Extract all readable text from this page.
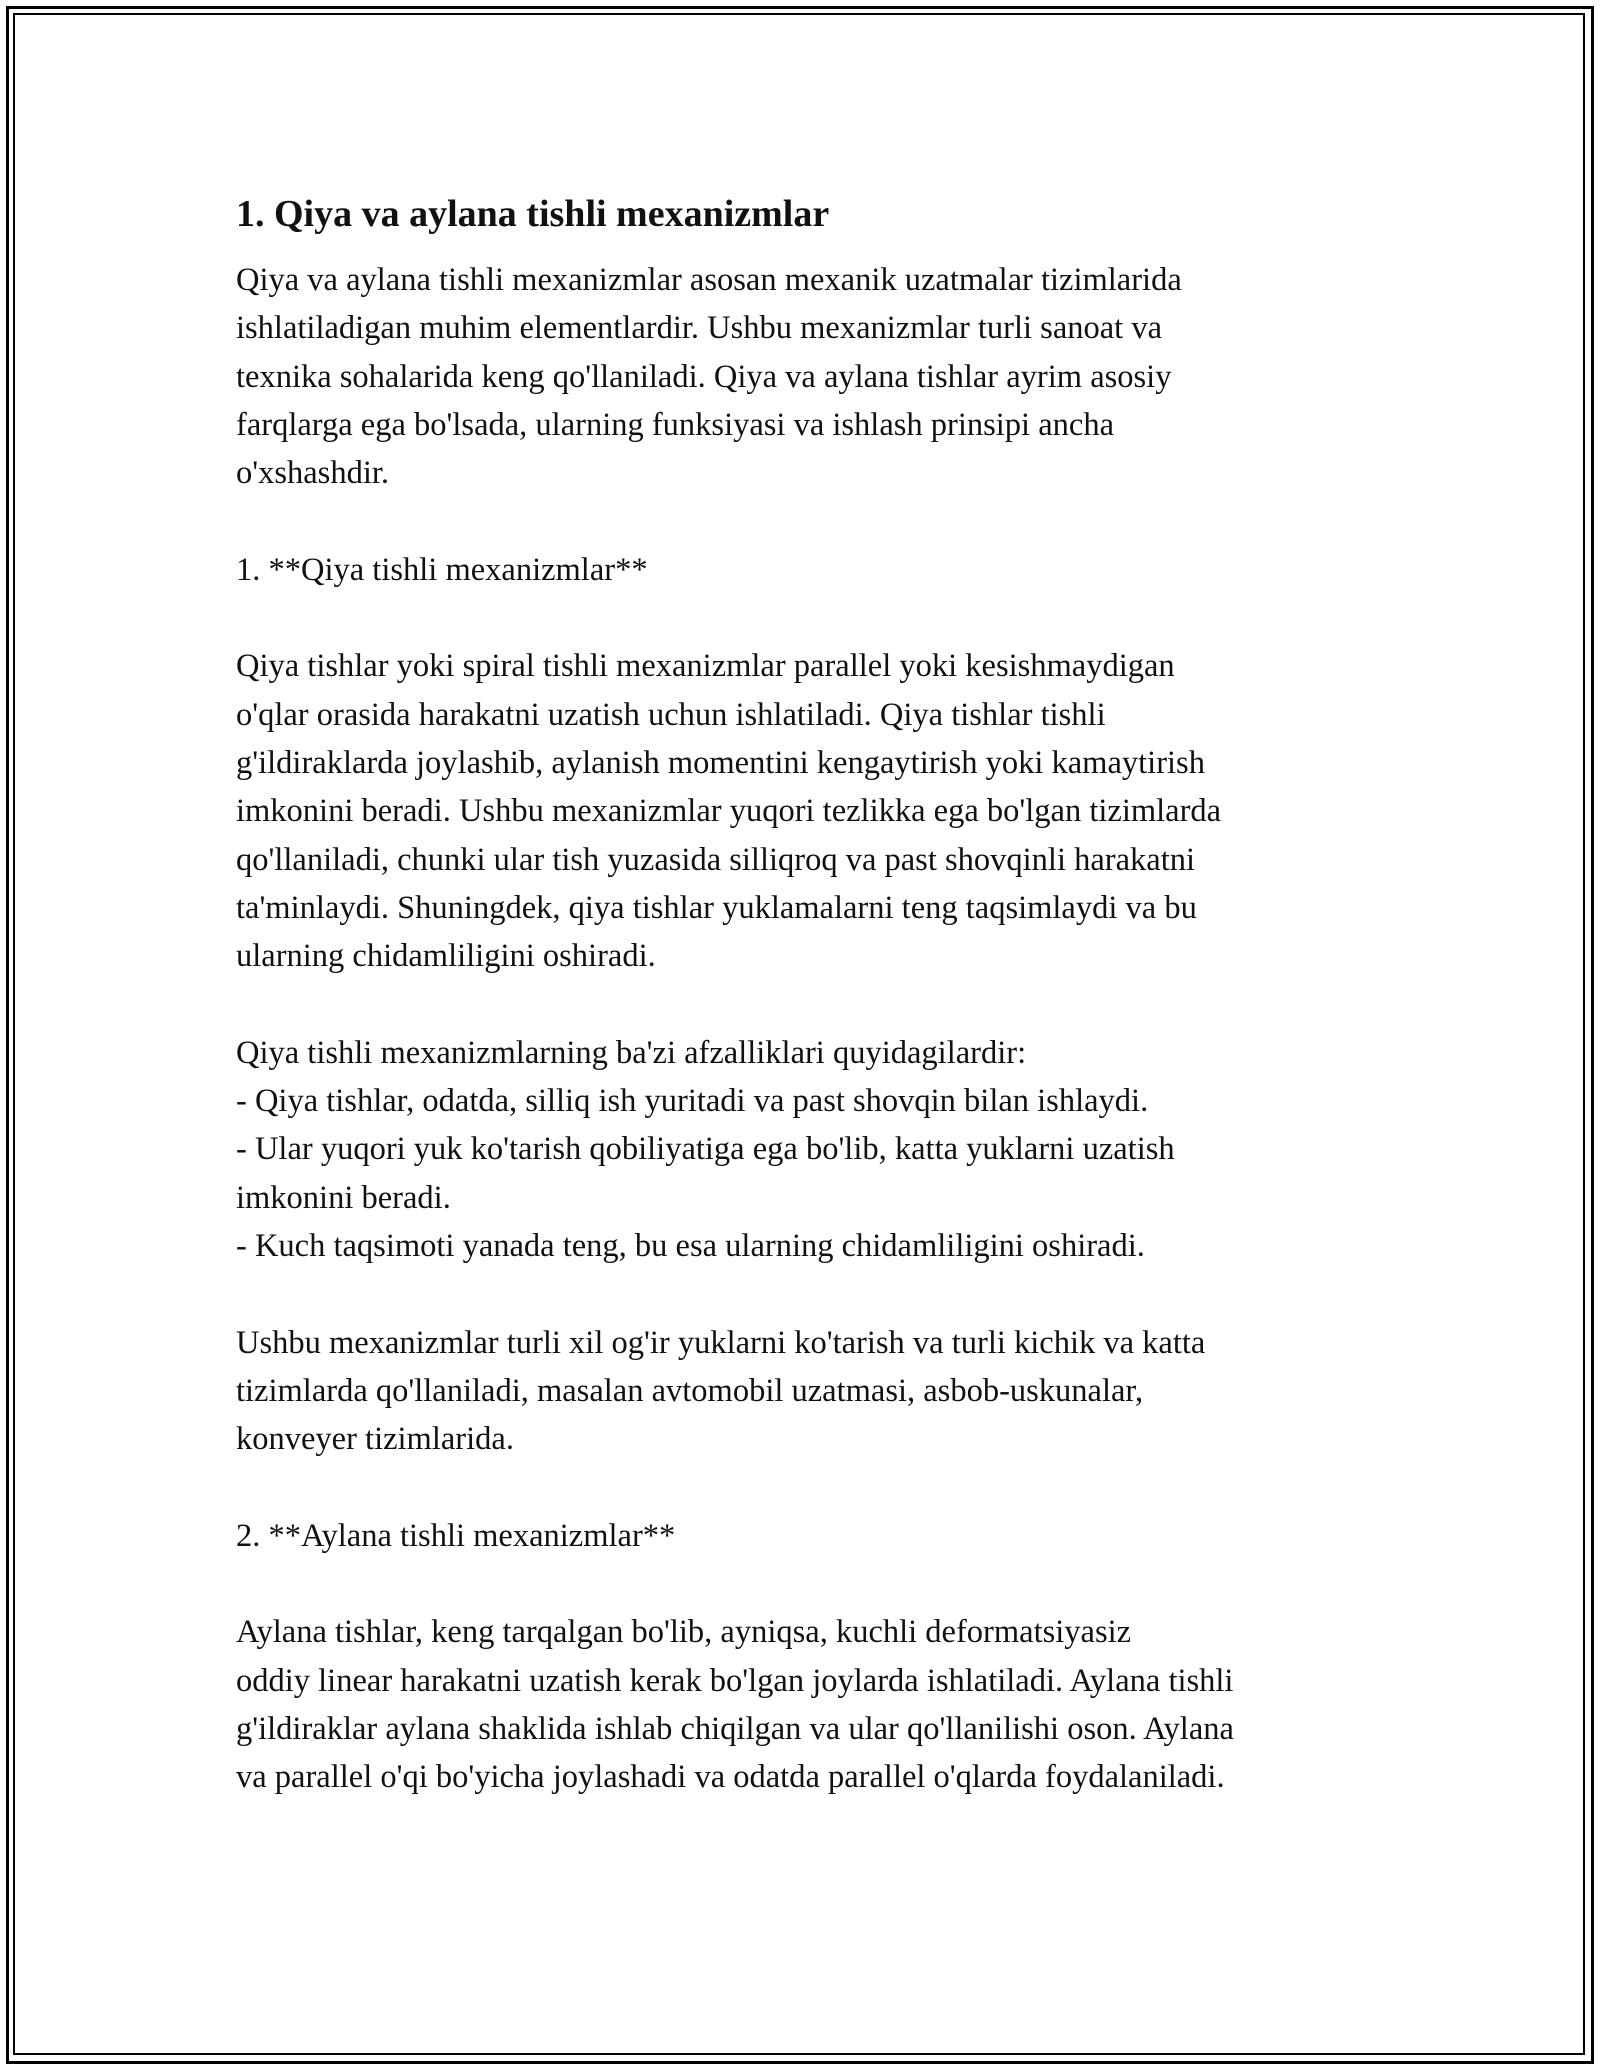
1. Qiya va aylana tishli mexanizmlar

Qiya va aylana tishli mexanizmlar asosan mexanik uzatmalar tizimlarida
ishlatiladigan muhim elementlardir. Ushbu mexanizmlar turli sanoat va
texnika sohalarida keng qo'llaniladi. Qiya va aylana tishlar ayrim asosiy
farqlarga ega bo'lsada, ularning funksiyasi va ishlash prinsipi ancha
o'xshashdir.

1. **Qiya tishli mexanizmlar**

Qiya tishlar yoki spiral tishli mexanizmlar parallel yoki kesishmaydigan
o'qlar orasida harakatni uzatish uchun ishlatiladi. Qiya tishlar tishli
g'ildiraklarda joylashib, aylanish momentini kengaytirish yoki kamaytirish
imkonini beradi. Ushbu mexanizmlar yuqori tezlikka ega bo'lgan tizimlarda
qo'llaniladi, chunki ular tish yuzasida silliqroq va past shovqinli harakatni
ta'minlaydi. Shuningdek, qiya tishlar yuklamalarni teng taqsimlaydi va bu
ularning chidamliligini oshiradi.

Qiya tishli mexanizmlarning ba'zi afzalliklari quyidagilardir:
- Qiya tishlar, odatda, silliq ish yuritadi va past shovqin bilan ishlaydi.
- Ular yuqori yuk ko'tarish qobiliyatiga ega bo'lib, katta yuklarni uzatish
imkonini beradi.
- Kuch taqsimoti yanada teng, bu esa ularning chidamliligini oshiradi.

Ushbu mexanizmlar turli xil og'ir yuklarni ko'tarish va turli kichik va katta
tizimlarda qo'llaniladi, masalan avtomobil uzatmasi, asbob-uskunalar,
konveyer tizimlarida.

2. **Aylana tishli mexanizmlar**

Aylana tishlar, keng tarqalgan bo'lib, ayniqsa, kuchli deformatsiyasiz
oddiy linear harakatni uzatish kerak bo'lgan joylarda ishlatiladi. Aylana tishli
g'ildiraklar aylana shaklida ishlab chiqilgan va ular qo'llanilishi oson. Aylana
va parallel o'qi bo'yicha joylashadi va odatda parallel o'qlarda foydalaniladi.
